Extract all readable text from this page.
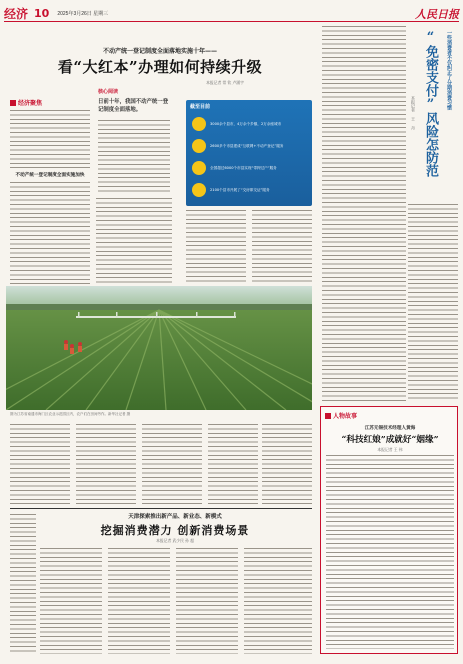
经济 10 2025年3月26日 星期三	人民日报
不动产统一登记制度全面落地实施十年——
看“大红本”办理如何持续升级
本报记者 常 钦 卢涵宇
经济聚焦
不动产统一登记制度全面实施加快
核心阅读
日前十年，我国不动产统一登记制度全面落地。	截至目前
3000余个县市，4万余个乡镇，2万余座城市
2600多个市县建成“互联网+不动产登记”服务
全国超过6000个市县实现“带押过户”服务
2100个县市开展了“交房即交证”服务
图为江苏省南通市海门区农业示范园区内，农户们在田间劳作。新华社记者 摄
天津探索推出新产品、新业态、新模式
挖掘消费潜力 创新消费场景
本报记者 武少民 孙 超
一些消费者不仅纠正了分期消费习惯
“免密支付”风险怎防范
本报记者 王 丹
人物故事
江苏无锡技术经理人黄海
“科技红娘”成就好“姻缘”
本报记者 王 伟
